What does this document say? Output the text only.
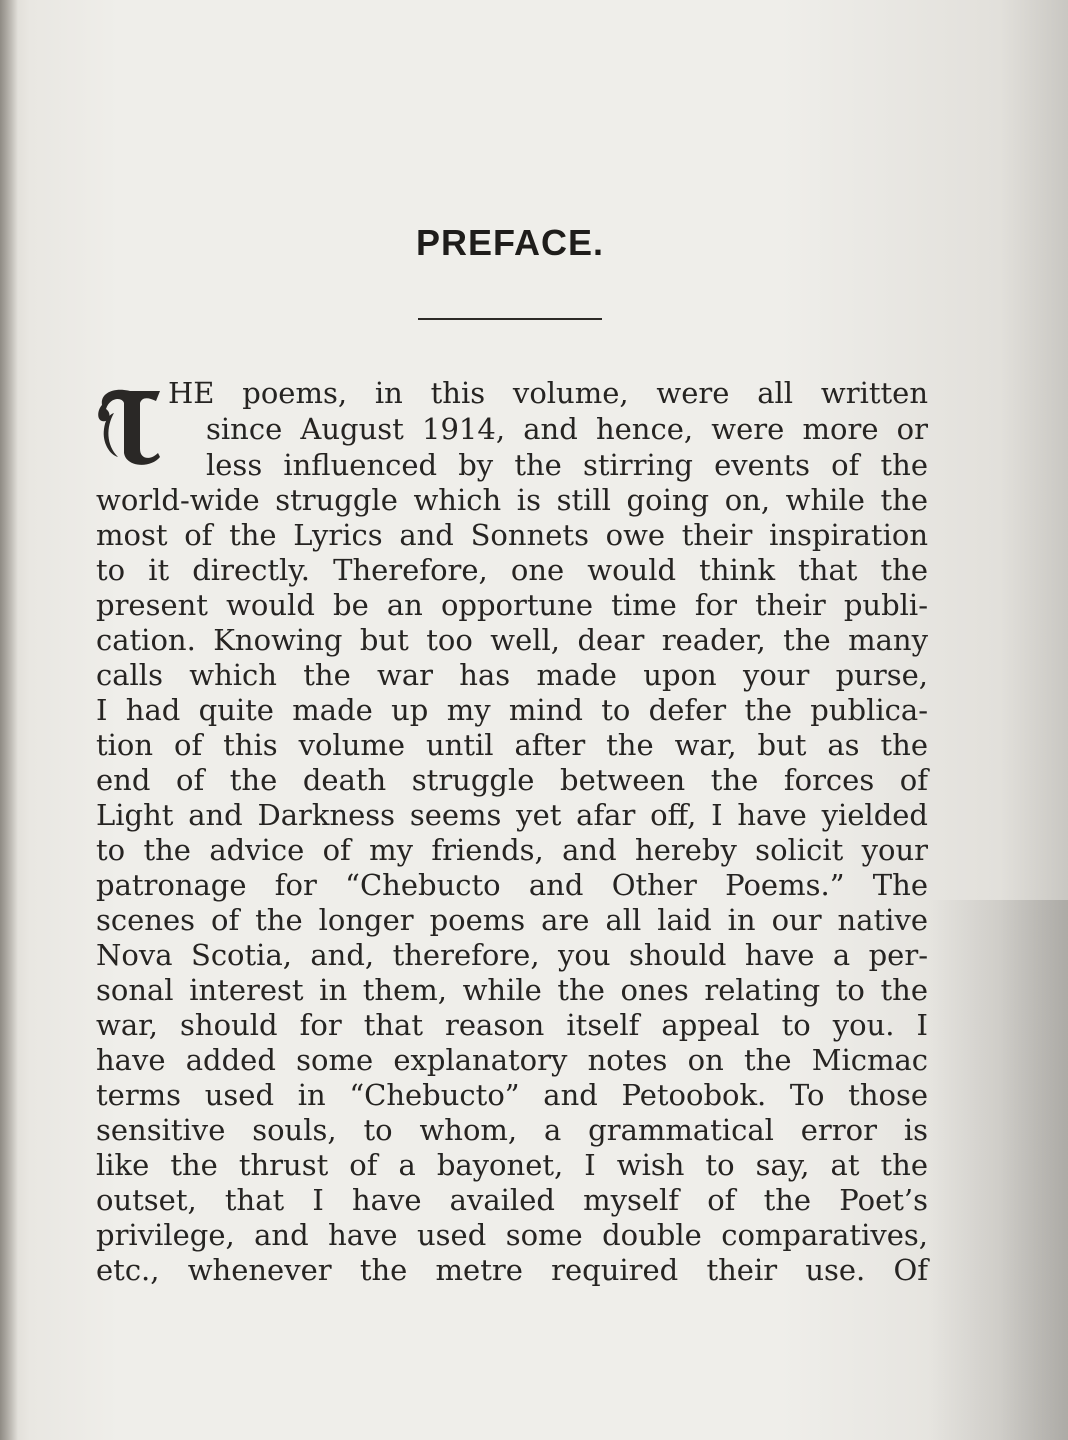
PREFACE.
HE poems, in this volume, were all written
since August 1914, and hence, were more or
less influenced by the stirring events of the
world-wide struggle which is still going on, while the
most of the Lyrics and Sonnets owe their inspiration
to it directly. Therefore, one would think that the
present would be an opportune time for their publi-
cation. Knowing but too well, dear reader, the many
calls which the war has made upon your purse,
I had quite made up my mind to defer the publica-
tion of this volume until after the war, but as the
end of the death struggle between the forces of
Light and Darkness seems yet afar off, I have yielded
to the advice of my friends, and hereby solicit your
patronage for “Chebucto and Other Poems.” The
scenes of the longer poems are all laid in our native
Nova Scotia, and, therefore, you should have a per-
sonal interest in them, while the ones relating to the
war, should for that reason itself appeal to you. I
have added some explanatory notes on the Micmac
terms used in “Chebucto” and Petoobok. To those
sensitive souls, to whom, a grammatical error is
like the thrust of a bayonet, I wish to say, at the
outset, that I have availed myself of the Poet’s
privilege, and have used some double comparatives,
etc., whenever the metre required their use. Of
